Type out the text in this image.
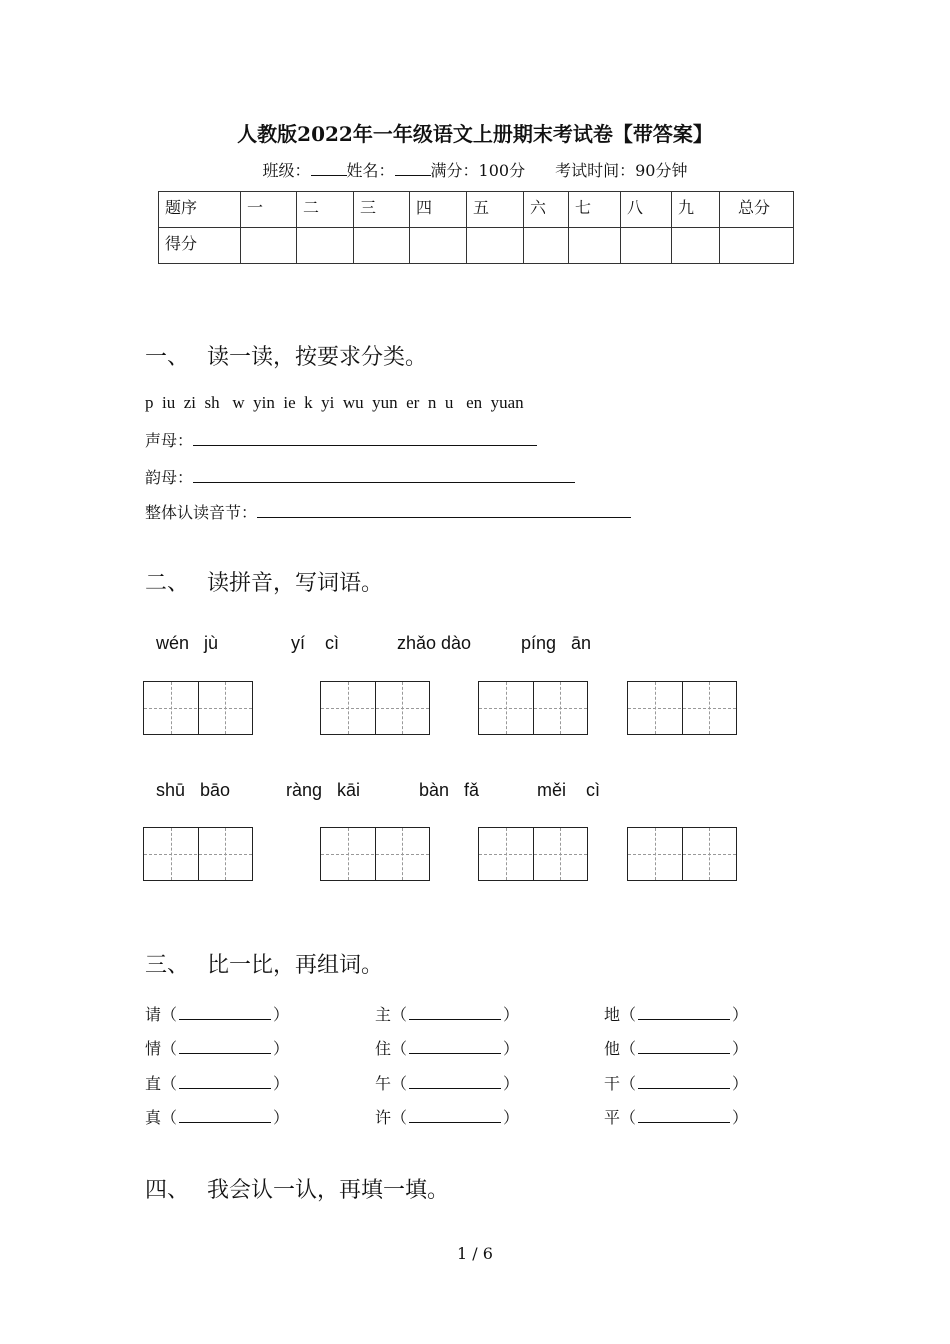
人教版2022年一年级语文上册期末考试卷【带答案】
班级： 姓名： 满分：100分 考试时间：90分钟
题序	一	二	三	四	五	六	七	八	九	总分
得分										
一、 读一读，按要求分类。
p  iu  zi  sh   w  yin  ie  k  yi  wu  yun  er  n  u   en  yuan
声母：
韵母：
整体认读音节：
二、 读拼音，写词语。
wén   jù	yí    cì	zhǎo dào	píng   ān
shū   bāo	ràng   kāi	bàn   fǎ	měi    cì
三、 比一比，再组词。
请（	）	主（	）	地（	）
情（	）	住（	）	他（	）
直（	）	午（	）	干（	）
真（	）	许（	）	平（	）
四、 我会认一认，再填一填。
1 / 6
